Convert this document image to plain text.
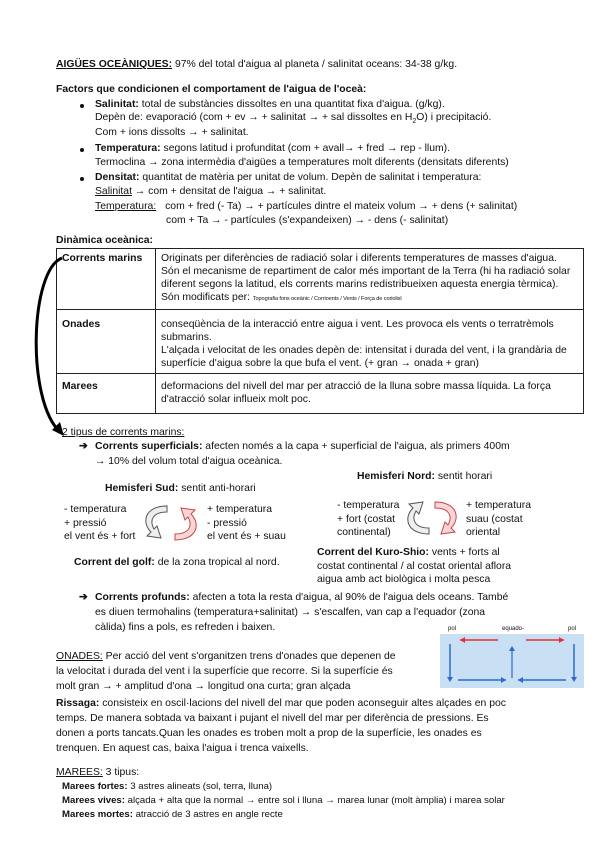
AIGÜES OCEÀNIQUES: 97% del total d'aigua al planeta / salinitat oceans: 34-38 g/kg.
Factors que condicionen el comportament de l'aigua de l'oceà:
Salinitat: total de substàncies dissoltes en una quantitat fixa d'aigua. (g/kg).
Depèn de: evaporació (com + ev → + salinitat → + sal dissoltes en $H_2O$) i precipitació.
Com + ions dissolts → + salinitat.
Temperatura: segons latitud i profunditat (com + avall→ + fred → rep - llum).
Termoclina → zona intermèdia d'aigües a temperatures molt diferents (densitats diferents)
Densitat: quantitat de matèria per unitat de volum. Depèn de salinitat i temperatura:
Salinitat → com + densitat de l'aigua → + salinitat.
Temperatura: com + fred (- Ta) → + partícules dintre el mateix volum → + dens (+ salinitat)
com + Ta → - partícules (s'expandeixen) → - dens (- salinitat)
Dinàmica oceànica:
Corrents marins	Originats per diferències de radiació solar i diferents temperatures de masses d'aigua. Són el mecanisme de repartiment de calor més important de la Terra (hi ha radiació solar diferent segons la latitud, els corrents marins redistribueixen aquesta energia tèrmica). Són modificats per: Topografia fons oceànic / Corrioents / Vents / Força de coriolisl
Onades	conseqüència de la interacció entre aigua i vent. Les provoca els vents o terratrèmols submarins.
L'alçada i velocitat de les onades depèn de: intensitat i durada del vent, i la grandària de superfície d'aigua sobre la que bufa el vent. (+ gran → onada + gran)

Marees	deformacions del nivell del mar per atracció de la lluna sobre massa líquida. La força d'atracció solar influeix molt poc.
2 tipus de corrents marins:
➔ Corrents superficials: afecten només a la capa + superficial de l'aigua, als primers 400m
→ 10% del volum total d'aigua oceànica.
Hemisferi Sud: sentit anti-horari
- temperatura
+ pressió
el vent és + fort
+ temperatura
- pressió
el vent és + suau
Corrent del golf: de la zona tropical al nord.
Hemisferi Nord: sentit horari
- temperatura
+ fort (costat
continental)
+ temperatura
suau (costat
oriental
Corrent del Kuro-Shio: vents + forts al
costat continental / al costat oriental aflora
aigua amb act biològica i molta pesca
➔ Corrents profunds: afecten a tota la resta d'aigua, al 90% de l'aigua dels oceans. També
es diuen termohalins (temperatura+salinitat) → s'escalfen, van cap a l'equador (zona
càlida) fins a pols, es refreden i baixen.	pol	equado-	pol
ONADES: Per acció del vent s'organitzen trens d'onades que depenen de
la velocitat i durada del vent i la superfície que recorre. Si la superfície és
molt gran → + amplitud d'ona → longitud ona curta; gran alçada
Rissaga: consisteix en oscil·lacions del nivell del mar que poden aconseguir altes alçades en poc
temps. De manera sobtada va baixant i pujant el nivell del mar per diferència de pressions. Es
donen a ports tancats.Quan les onades es troben molt a prop de la superfície, les onades es
trenquen. En aquest cas, baixa l'aigua i trenca vaixells.
MAREES: 3 tipus:
Marees fortes: 3 astres alineats (sol, terra, lluna)
Marees vives: alçada + alta que la normal → entre sol i lluna → marea lunar (molt àmplia) i marea solar
Marees mortes: atracció de 3 astres en angle recte
